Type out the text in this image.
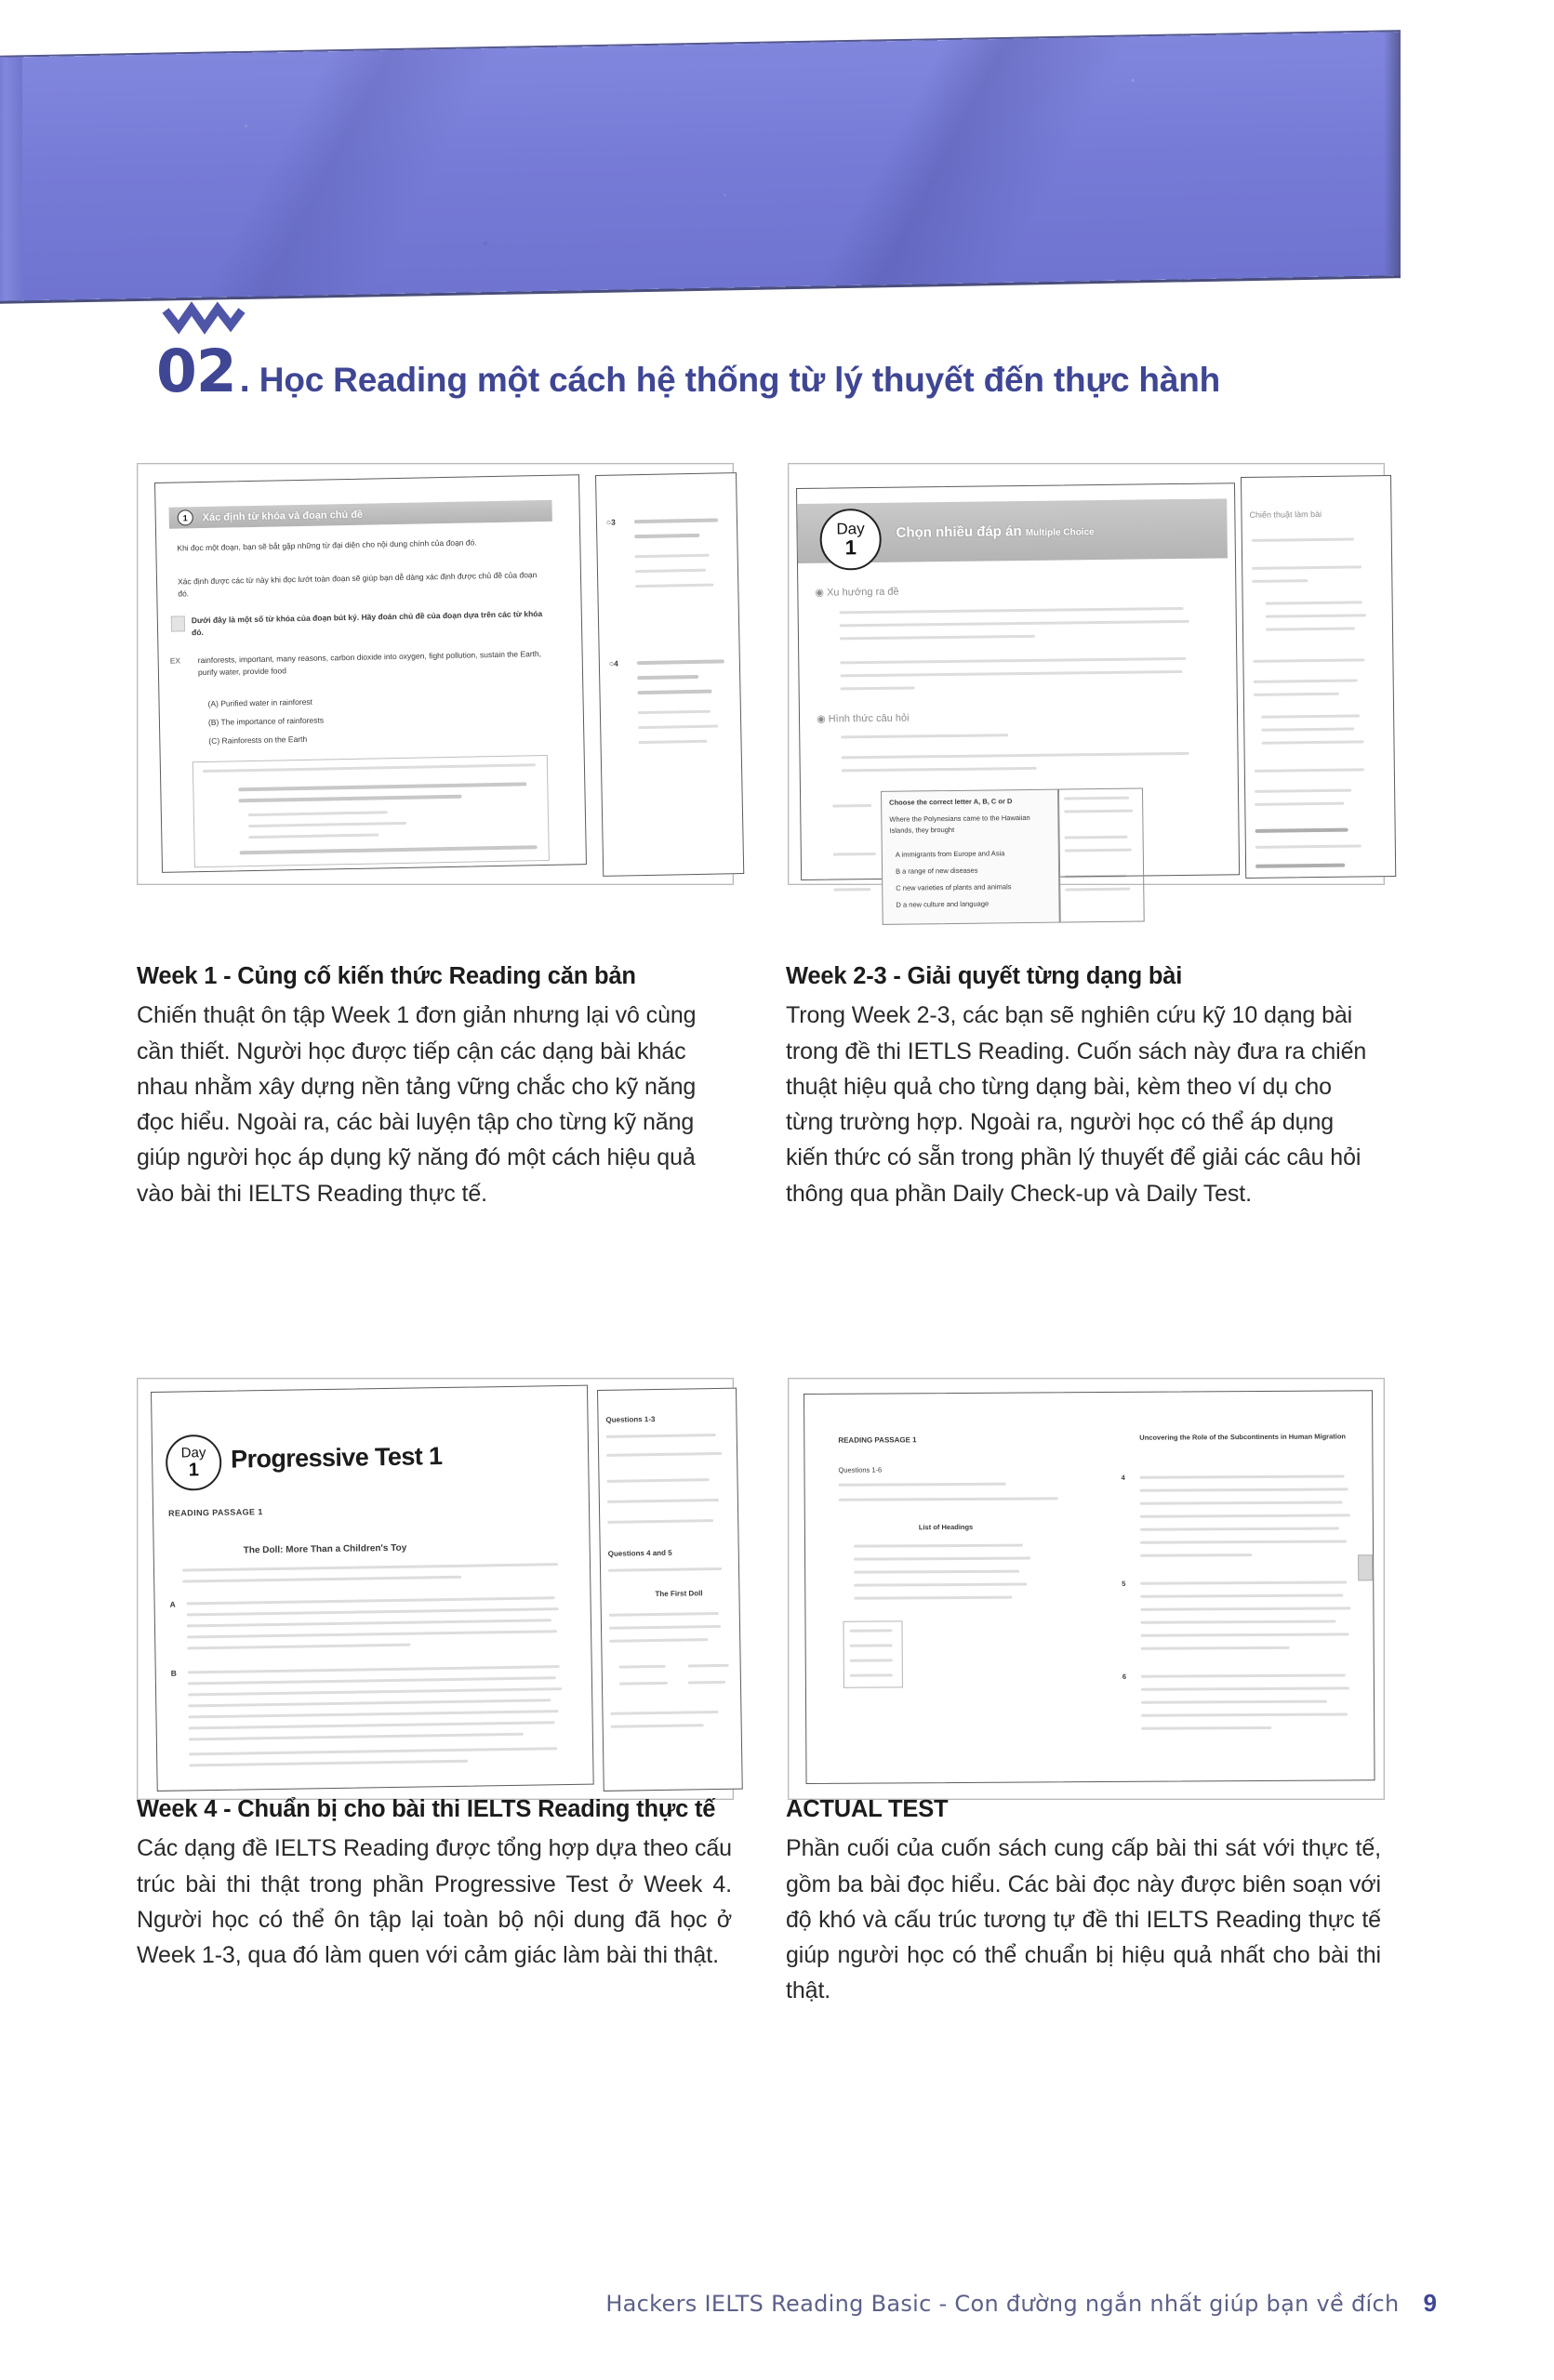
02 . Học Reading một cách hệ thống từ lý thuyết đến thực hành
1	Xác định từ khóa và đoạn chủ đề
Khi đọc một đoạn, bạn sẽ bắt gặp những từ đại diện cho nội dung chính của đoạn đó.
Xác định được các từ này khi đọc lướt toàn đoạn sẽ giúp bạn dễ dàng xác định được chủ đề của đoạn đó.
Dưới đây là một số từ khóa của đoạn bút ký. Hãy đoán chủ đề của đoạn dựa trên các từ khóa đó.
EX rainforests, important, many reasons, carbon dioxide into oxygen, fight pollution, sustain the Earth, purify water, provide food
(A) Purified water in rainforest
(B) The importance of rainforests
(C) Rainforests on the Earth
○3
○4
Chọn nhiều đáp án Multiple Choice
Day
1
◉ Xu hướng ra đề
◉ Hình thức câu hỏi
Choose the correct letter A, B, C or D
Where the Polynesians came to the Hawaiian Islands, they brought
A immigrants from Europe and Asia
B a range of new diseases
C new varieties of plants and animals
D a new culture and language
Chiến thuật làm bài
Week 1 - Củng cố kiến thức Reading căn bản

Chiến thuật ôn tập Week 1 đơn giản nhưng lại vô cùng cần thiết. Người học được tiếp cận các dạng bài khác nhau nhằm xây dựng nền tảng vững chắc cho kỹ năng đọc hiểu. Ngoài ra, các bài luyện tập cho từng kỹ năng giúp người học áp dụng kỹ năng đó một cách hiệu quả vào bài thi IELTS Reading thực tế.

Week 2-3 - Giải quyết từng dạng bài

Trong Week 2-3, các bạn sẽ nghiên cứu kỹ 10 dạng bài trong đề thi IETLS Reading. Cuốn sách này đưa ra chiến thuật hiệu quả cho từng dạng bài, kèm theo ví dụ cho từng trường hợp. Ngoài ra, người học có thể áp dụng kiến thức có sẵn trong phần lý thuyết để giải các câu hỏi thông qua phần Daily Check-up và Daily Test.

Day
1 Progressive Test 1
READING PASSAGE 1
The Doll: More Than a Children's Toy
A
B
Questions 1-3
Questions 4 and 5
The First Doll
READING PASSAGE 1
Questions 1-6
List of Headings
Uncovering the Role of the Subcontinents in Human Migration
4
5
6
Week 4 - Chuẩn bị cho bài thi IELTS Reading thực tế

Các dạng đề IELTS Reading được tổng hợp dựa theo cấu trúc bài thi thật trong phần Progressive Test ở Week 4. Người học có thể ôn tập lại toàn bộ nội dung đã học ở Week 1-3, qua đó làm quen với cảm giác làm bài thi thật.

ACTUAL TEST

Phần cuối của cuốn sách cung cấp bài thi sát với thực tế, gồm ba bài đọc hiểu. Các bài đọc này được biên soạn với độ khó và cấu trúc tương tự đề thi IELTS Reading thực tế giúp người học có thể chuẩn bị hiệu quả nhất cho bài thi thật.

Hackers IELTS Reading Basic - Con đường ngắn nhất giúp bạn về đích 9
